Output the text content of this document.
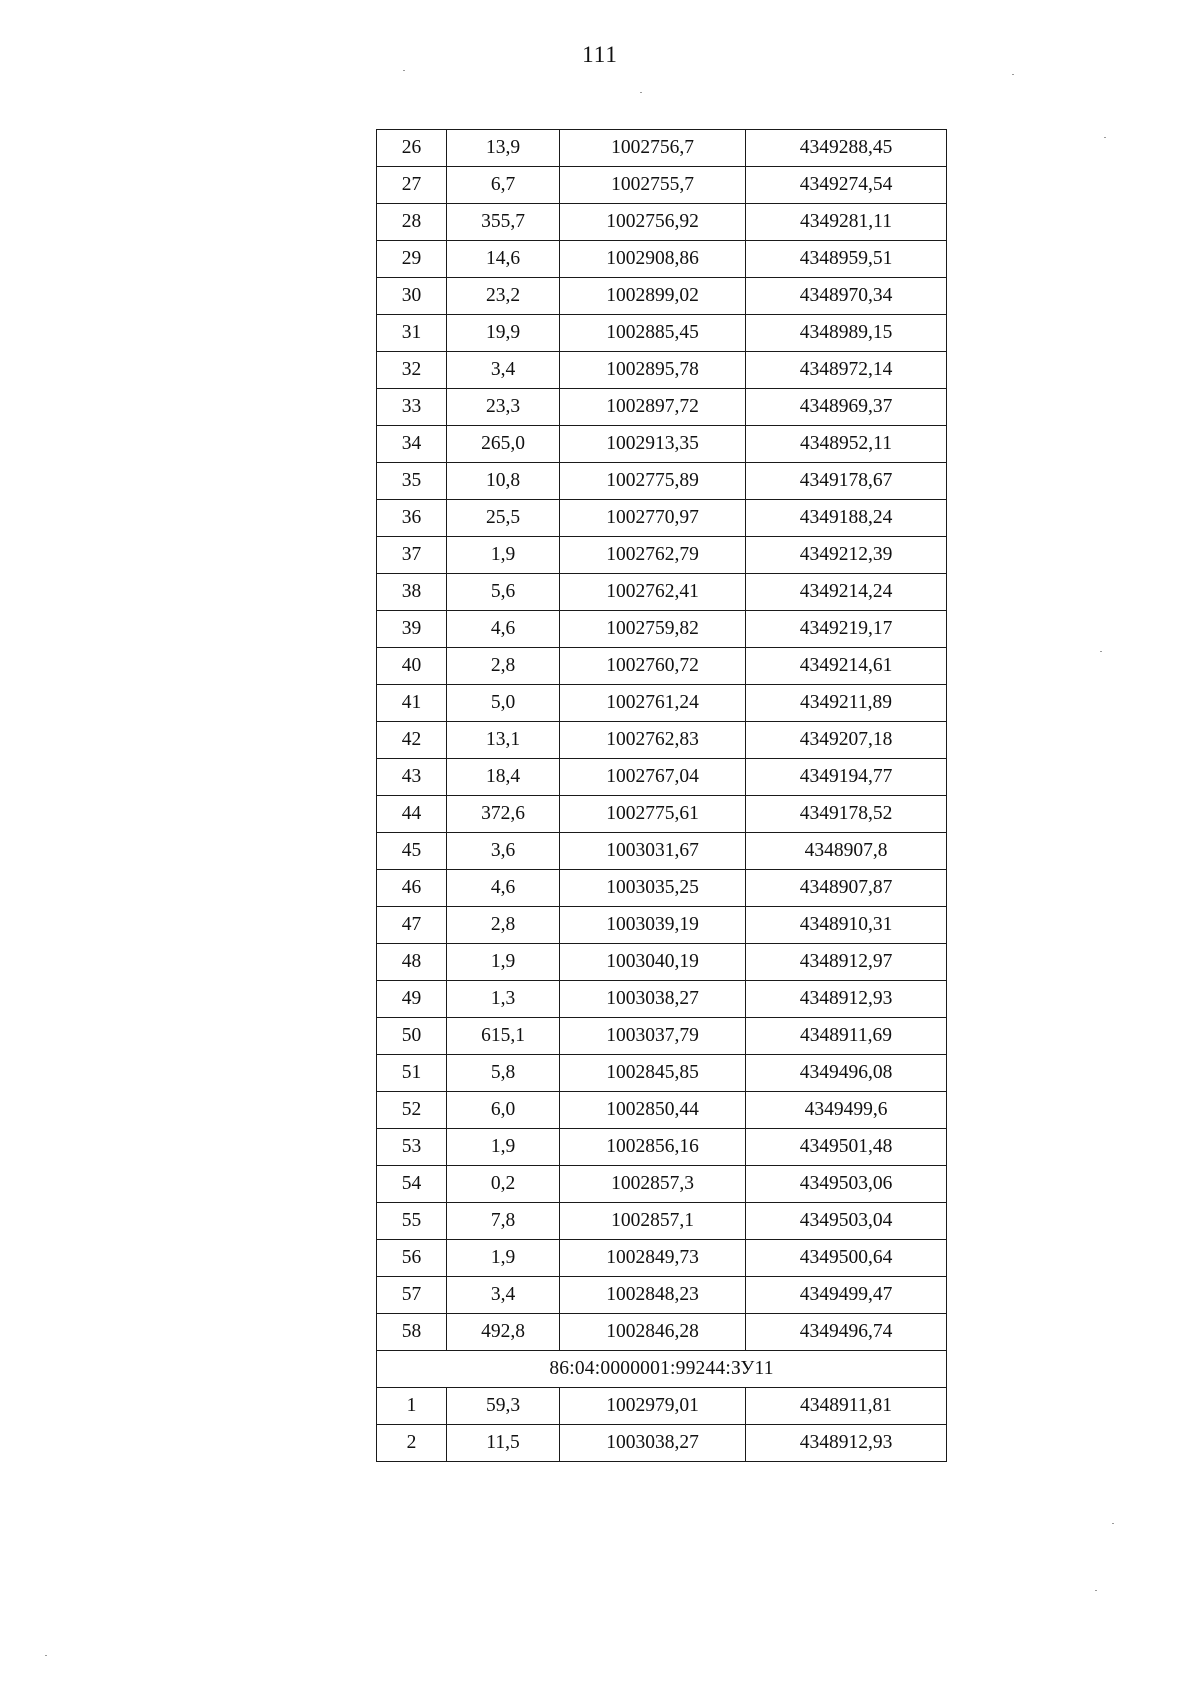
111
26	13,9	1002756,7	4349288,45
27	6,7	1002755,7	4349274,54
28	355,7	1002756,92	4349281,11
29	14,6	1002908,86	4348959,51
30	23,2	1002899,02	4348970,34
31	19,9	1002885,45	4348989,15
32	3,4	1002895,78	4348972,14
33	23,3	1002897,72	4348969,37
34	265,0	1002913,35	4348952,11
35	10,8	1002775,89	4349178,67
36	25,5	1002770,97	4349188,24
37	1,9	1002762,79	4349212,39
38	5,6	1002762,41	4349214,24
39	4,6	1002759,82	4349219,17
40	2,8	1002760,72	4349214,61
41	5,0	1002761,24	4349211,89
42	13,1	1002762,83	4349207,18
43	18,4	1002767,04	4349194,77
44	372,6	1002775,61	4349178,52
45	3,6	1003031,67	4348907,8
46	4,6	1003035,25	4348907,87
47	2,8	1003039,19	4348910,31
48	1,9	1003040,19	4348912,97
49	1,3	1003038,27	4348912,93
50	615,1	1003037,79	4348911,69
51	5,8	1002845,85	4349496,08
52	6,0	1002850,44	4349499,6
53	1,9	1002856,16	4349501,48
54	0,2	1002857,3	4349503,06
55	7,8	1002857,1	4349503,04
56	1,9	1002849,73	4349500,64
57	3,4	1002848,23	4349499,47
58	492,8	1002846,28	4349496,74
86:04:0000001:99244:ЗУ11			
1	59,3	1002979,01	4348911,81
2	11,5	1003038,27	4348912,93
